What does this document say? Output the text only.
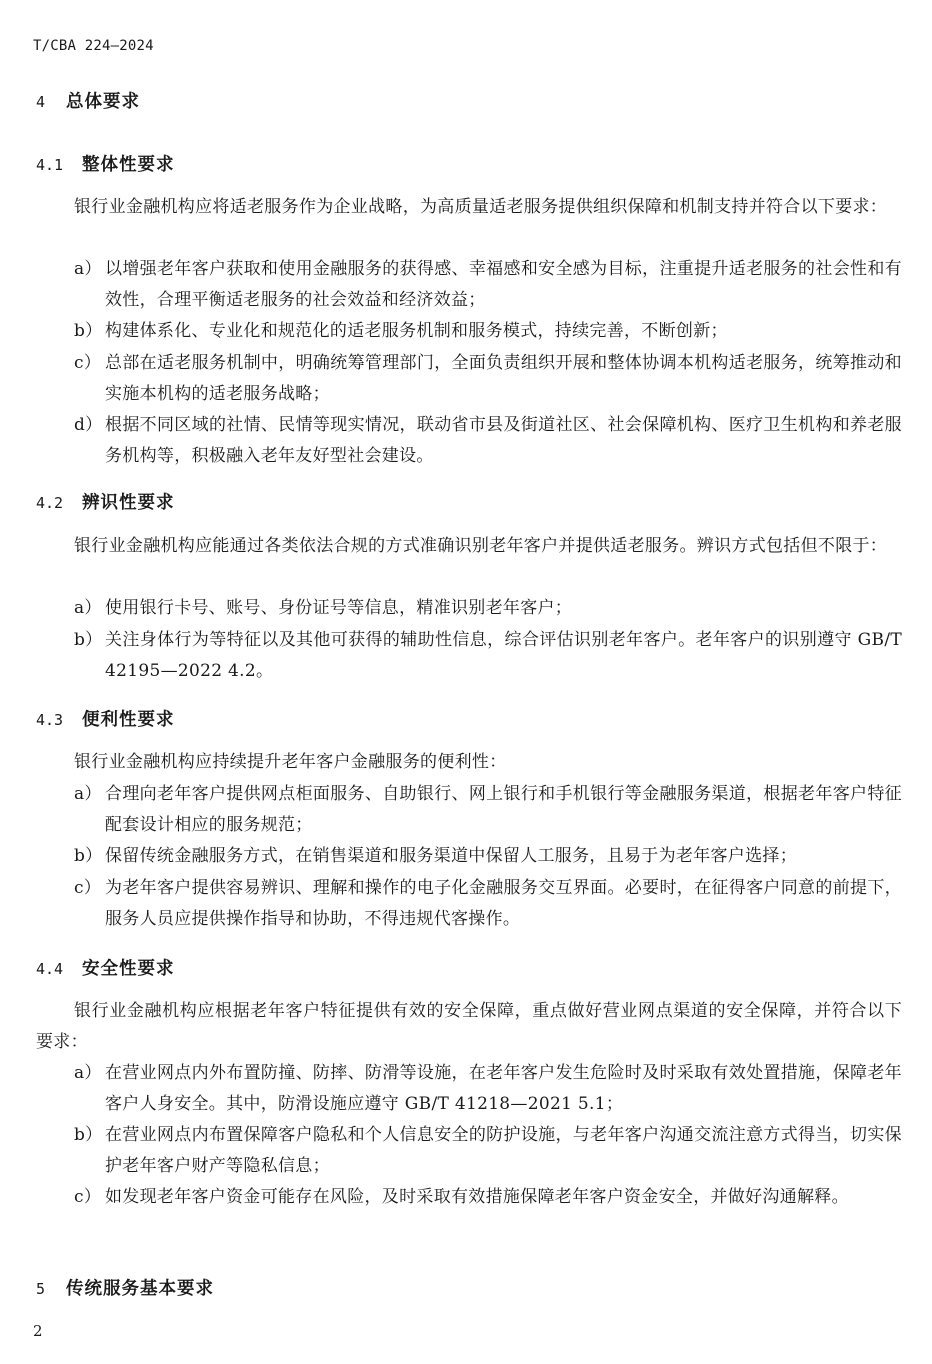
T/CBA 224—2024
4 总体要求
4.1 整体性要求
银行业金融机构应将适老服务作为企业战略，为高质量适老服务提供组织保障和机制支持并符合以下要求：
a） 以增强老年客户获取和使用金融服务的获得感、幸福感和安全感为目标，注重提升适老服务的社会性和有效性，合理平衡适老服务的社会效益和经济效益；
b） 构建体系化、专业化和规范化的适老服务机制和服务模式，持续完善，不断创新；
c） 总部在适老服务机制中，明确统筹管理部门，全面负责组织开展和整体协调本机构适老服务，统筹推动和实施本机构的适老服务战略；
d） 根据不同区域的社情、民情等现实情况，联动省市县及街道社区、社会保障机构、医疗卫生机构和养老服务机构等，积极融入老年友好型社会建设。
4.2 辨识性要求
银行业金融机构应能通过各类依法合规的方式准确识别老年客户并提供适老服务。辨识方式包括但不限于：
a） 使用银行卡号、账号、身份证号等信息，精准识别老年客户；
b） 关注身体行为等特征以及其他可获得的辅助性信息，综合评估识别老年客户。老年客户的识别遵守 GB/T 42195—2022 4.2。
4.3 便利性要求
银行业金融机构应持续提升老年客户金融服务的便利性：
a） 合理向老年客户提供网点柜面服务、自助银行、网上银行和手机银行等金融服务渠道，根据老年客户特征配套设计相应的服务规范；
b） 保留传统金融服务方式，在销售渠道和服务渠道中保留人工服务，且易于为老年客户选择；
c） 为老年客户提供容易辨识、理解和操作的电子化金融服务交互界面。必要时，在征得客户同意的前提下，服务人员应提供操作指导和协助，不得违规代客操作。
4.4 安全性要求
银行业金融机构应根据老年客户特征提供有效的安全保障，重点做好营业网点渠道的安全保障，并符合以下要求：
a） 在营业网点内外布置防撞、防摔、防滑等设施，在老年客户发生危险时及时采取有效处置措施，保障老年客户人身安全。其中，防滑设施应遵守 GB/T 41218—2021 5.1；
b） 在营业网点内布置保障客户隐私和个人信息安全的防护设施，与老年客户沟通交流注意方式得当，切实保护老年客户财产等隐私信息；
c） 如发现老年客户资金可能存在风险，及时采取有效措施保障老年客户资金安全，并做好沟通解释。
5 传统服务基本要求
2
